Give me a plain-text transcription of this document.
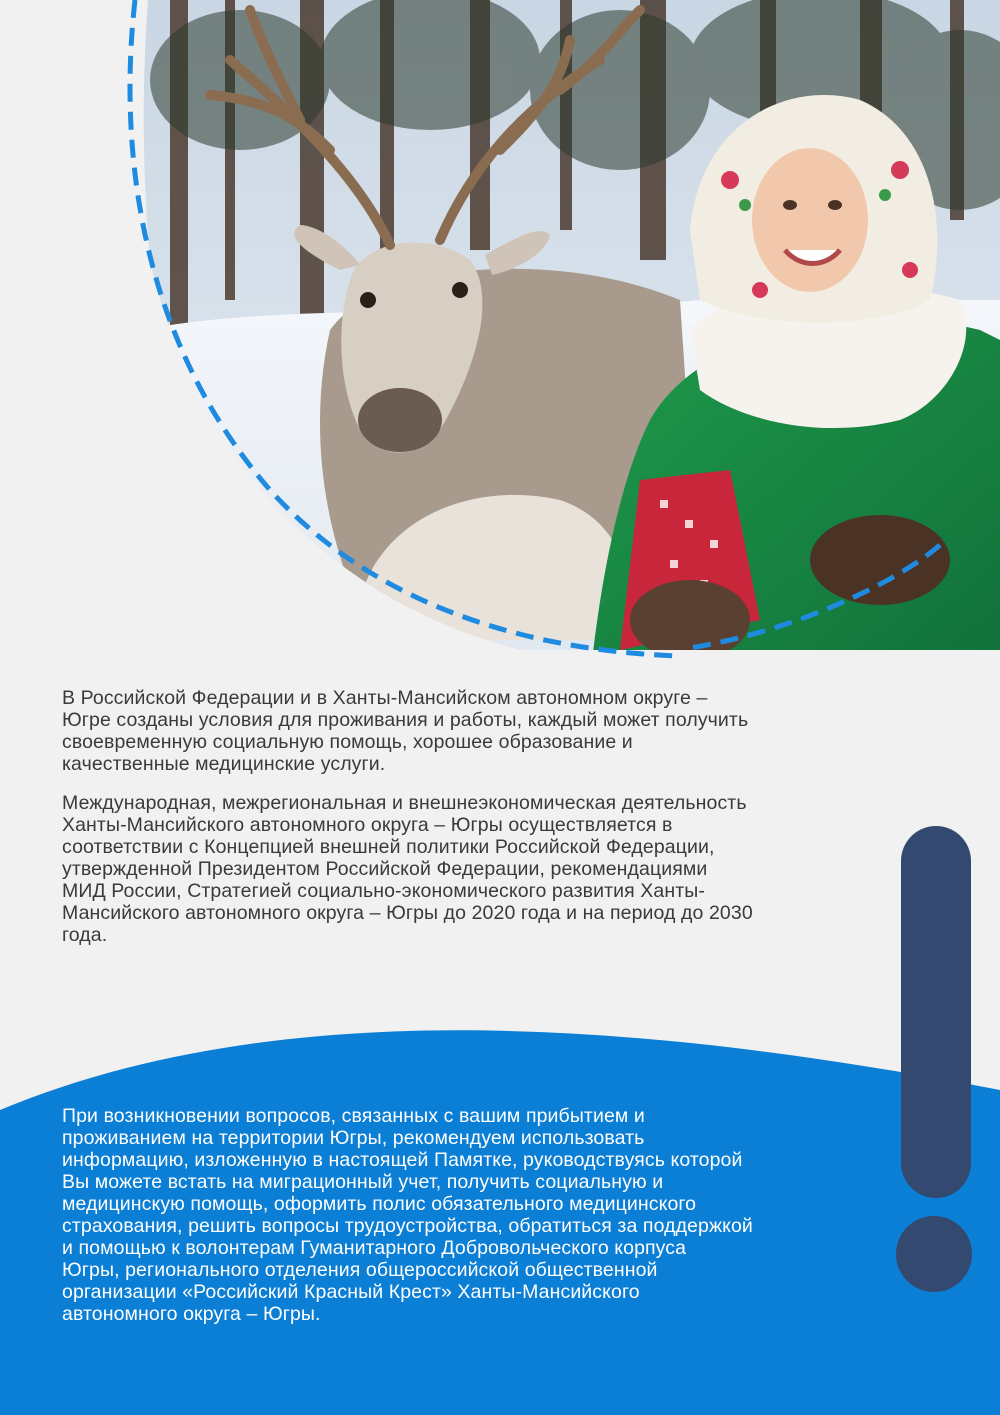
В Российской Федерации и в Ханты-Мансийском автономном округе –
Югре созданы условия для проживания и работы, каждый может получить
своевременную социальную помощь, хорошее образование и
качественные медицинские услуги.

Международная, межрегиональная и внешнеэкономическая деятельность
Ханты-Мансийского автономного округа – Югры осуществляется в
соответствии с Концепцией внешней политики Российской Федерации,
утвержденной Президентом Российской Федерации, рекомендациями
МИД России, Стратегией социально-экономического развития Ханты-
Мансийского автономного округа – Югры до 2020 года и на период до 2030
года.

При возникновении вопросов, связанных с вашим прибытием и
проживанием на территории Югры, рекомендуем использовать
информацию, изложенную в настоящей Памятке, руководствуясь которой
Вы можете встать на миграционный учет, получить социальную и
медицинскую помощь, оформить полис обязательного медицинского
страхования, решить вопросы трудоустройства, обратиться за поддержкой
и помощью к волонтерам Гуманитарного Добровольческого корпуса
Югры, регионального отделения общероссийской общественной
организации «Российский Красный Крест» Ханты-Мансийского
автономного округа – Югры.
